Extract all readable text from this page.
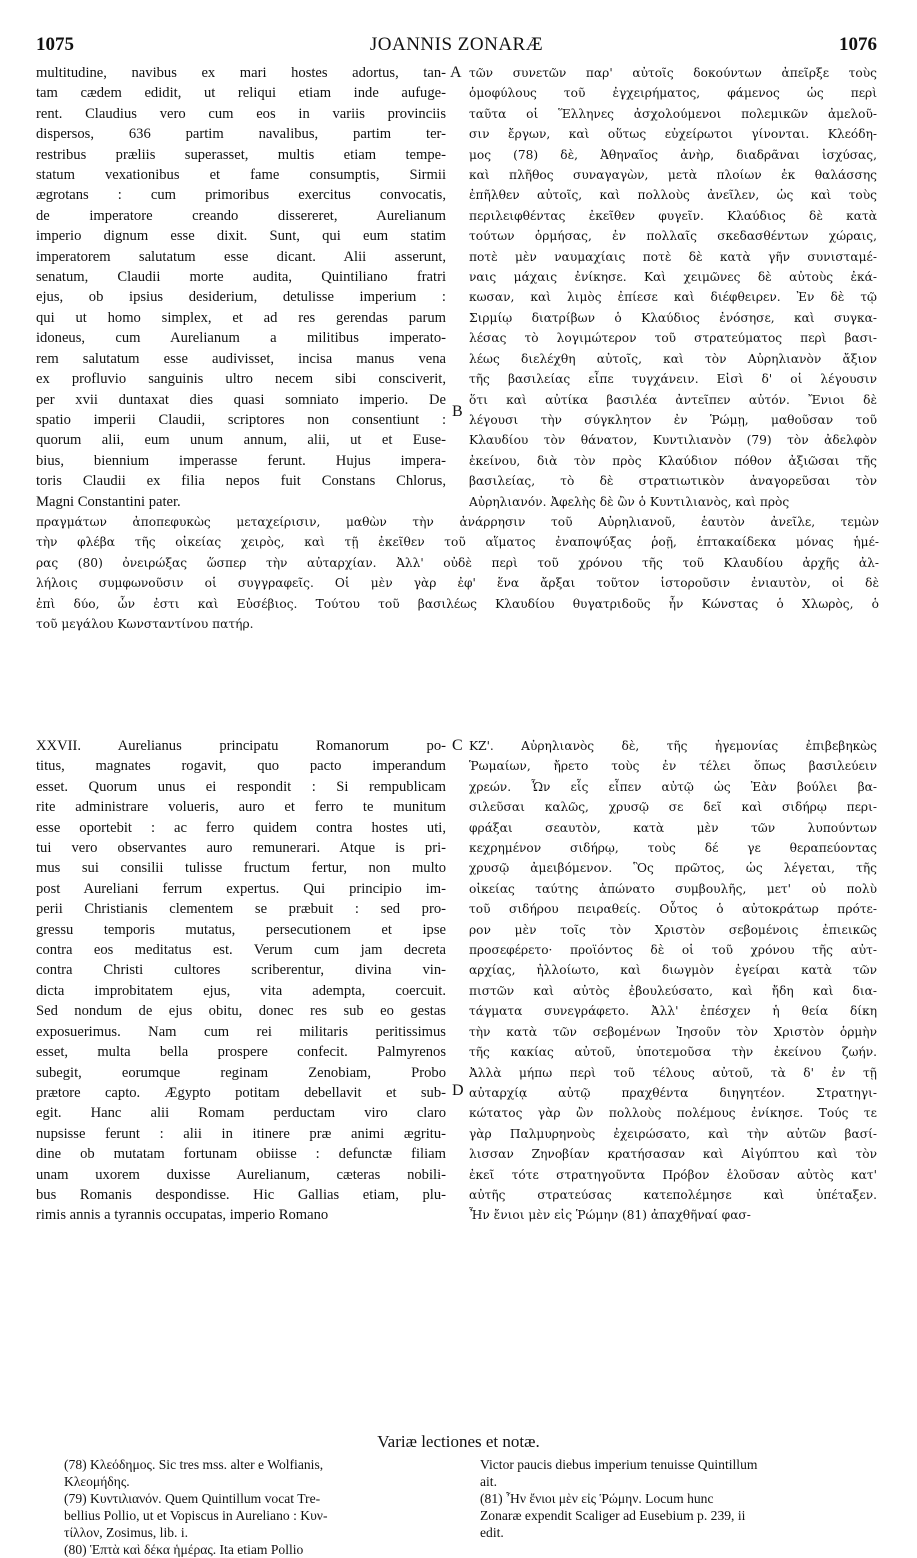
1075	JOANNIS ZONARÆ	1076
multitudine, navibus ex mari hostes adortus, tan-
tam cædem edidit, ut reliqui etiam inde aufuge-
rent. Claudius vero cum eos in variis provinciis
dispersos, 636 partim navalibus, partim ter-
restribus præliis superasset, multis etiam tempe-
statum vexationibus et fame consumptis, Sirmii
ægrotans : cum primoribus exercitus convocatis,
de imperatore creando dissereret, Aurelianum
imperio dignum esse dixit. Sunt, qui eum statim
imperatorem salutatum esse dicant. Alii asserunt,
senatum, Claudii morte audita, Quintiliano fratri
ejus, ob ipsius desiderium, detulisse imperium :
qui ut homo simplex, et ad res gerendas parum
idoneus, cum Aurelianum a militibus imperato-
rem salutatum esse audivisset, incisa manus vena
ex profluvio sanguinis ultro necem sibi consciverit,
per xvii duntaxat dies quasi somniato imperio. De
spatio imperii Claudii, scriptores non consentiunt :
quorum alii, eum unum annum, alii, ut et Euse-
bius, biennium imperasse ferunt. Hujus impera-
toris Claudii ex filia nepos fuit Constans Chlorus,
Magni Constantini pater.
τῶν συνετῶν παρ' αὐτοῖς δοκούντων ἀπεῖρξε τοὺς
ὁμοφύλους τοῦ ἐγχειρήματος, φάμενος ὡς περὶ
ταῦτα οἱ Ἕλληνες ἀσχολούμενοι πολεμικῶν ἀμελοῦ-
σιν ἔργων, καὶ οὕτως εὐχείρωτοι γίνονται. Κλεόδη-
μος (78) δὲ, Ἀθηναῖος ἀνὴρ, διαδρᾶναι ἰσχύσας,
καὶ πλῆθος συναγαγὼν, μετὰ πλοίων ἐκ θαλάσσης
ἐπῆλθεν αὐτοῖς, καὶ πολλοὺς ἀνεῖλεν, ὡς καὶ τοὺς
περιλειφθέντας ἐκεῖθεν φυγεῖν. Κλαύδιος δὲ κατὰ
τούτων ὁρμήσας, ἐν πολλαῖς σκεδασθέντων χώραις,
ποτὲ μὲν ναυμαχίαις ποτὲ δὲ κατὰ γῆν συνισταμέ-
ναις μάχαις ἐνίκησε. Καὶ χειμῶνες δὲ αὐτοὺς ἐκά-
κωσαν, καὶ λιμὸς ἐπίεσε καὶ διέφθειρεν. Ἐν δὲ τῷ
Σιρμίῳ διατρίβων ὁ Κλαύδιος ἐνόσησε, καὶ συγκα-
λέσας τὸ λογιμώτερον τοῦ στρατεύματος περὶ βασι-
λέως διελέχθη αὐτοῖς, καὶ τὸν Αὐρηλιανὸν ἄξιον
τῆς βασιλείας εἶπε τυγχάνειν. Εἰσὶ δ' οἱ λέγουσιν
ὅτι καὶ αὐτίκα βασιλέα ἀντεῖπεν αὐτόν. Ἔνιοι δὲ
λέγουσι τὴν σύγκλητον ἐν Ῥώμῃ, μαθοῦσαν τοῦ
Κλαυδίου τὸν θάνατον, Κυντιλιανὸν (79) τὸν ἀδελφὸν
ἐκείνου, διὰ τὸν πρὸς Κλαύδιον πόθον ἀξιῶσαι τῆς
βασιλείας, τὸ δὲ στρατιωτικὸν ἀναγορεῦσαι τὸν
Αὐρηλιανόν. Ἀφελὴς δὲ ὢν ὁ Κυντιλιανὸς, καὶ πρὸς
A
B
πραγμάτων ἀποπεφυκὼς μεταχείρισιν, μαθὼν τὴν ἀνάρρησιν τοῦ Αὐρηλιανοῦ, ἑαυτὸν ἀνεῖλε, τεμὼν
τὴν φλέβα τῆς οἰκείας χειρὸς, καὶ τῇ ἐκεῖθεν τοῦ αἵματος ἐναποψύξας ῥοῇ, ἑπτακαίδεκα μόνας ἡμέ-
ρας (80) ὀνειρώξας ὥσπερ τὴν αὐταρχίαν. Ἀλλ' οὐδὲ περὶ τοῦ χρόνου τῆς τοῦ Κλαυδίου ἀρχῆς ἀλ-
λήλοις συμφωνοῦσιν οἱ συγγραφεῖς. Οἱ μὲν γὰρ ἐφ' ἕνα ἄρξαι τοῦτον ἱστοροῦσιν ἐνιαυτὸν, οἱ δὲ
ἐπὶ δύο, ὧν ἐστι καὶ Εὐσέβιος. Τούτου τοῦ βασιλέως Κλαυδίου θυγατριδοῦς ἦν Κώνστας ὁ Χλωρὸς, ὁ
τοῦ μεγάλου Κωνσταντίνου πατήρ.
XXVII. Aurelianus principatu Romanorum po-
titus, magnates rogavit, quo pacto imperandum
esset. Quorum unus ei respondit : Si rempublicam
rite administrare volueris, auro et ferro te munitum
esse oportebit : ac ferro quidem contra hostes uti,
tui vero observantes auro remunerari. Atque is pri-
mus sui consilii tulisse fructum fertur, non multo
post Aureliani ferrum expertus. Qui principio im-
perii Christianis clementem se præbuit : sed pro-
gressu temporis mutatus, persecutionem et ipse
contra eos meditatus est. Verum cum jam decreta
contra Christi cultores scriberentur, divina vin-
dicta improbitatem ejus, vita adempta, coercuit.
Sed nondum de ejus obitu, donec res sub eo gestas
exposuerimus. Nam cum rei militaris peritissimus
esset, multa bella prospere confecit. Palmyrenos
subegit, eorumque reginam Zenobiam, Probo
prætore capto. Ægypto potitam debellavit et sub-
egit. Hanc alii Romam perductam viro claro
nupsisse ferunt : alii in itinere præ animi ægritu-
dine ob mutatam fortunam obiisse : defunctæ filiam
unam uxorem duxisse Aurelianum, cæteras nobili-
bus Romanis despondisse. Hic Gallias etiam, plu-
rimis annis a tyrannis occupatas, imperio Romano
ΚΖ'. Αὐρηλιανὸς δὲ, τῆς ἡγεμονίας ἐπιβεβηκὼς
Ῥωμαίων, ἤρετο τοὺς ἐν τέλει ὅπως βασιλεύειν
χρεών. Ὧν εἷς εἶπεν αὐτῷ ὡς Ἐὰν βούλει βα-
σιλεῦσαι καλῶς, χρυσῷ σε δεῖ καὶ σιδήρῳ περι-
φράξαι σεαυτὸν, κατὰ μὲν τῶν λυπούντων
κεχρημένον σιδήρῳ, τοὺς δέ γε θεραπεύοντας
χρυσῷ ἀμειβόμενον. Ὃς πρῶτος, ὡς λέγεται, τῆς
οἰκείας ταύτης ἀπώνατο συμβουλῆς, μετ' οὐ πολὺ
τοῦ σιδήρου πειραθείς. Οὗτος ὁ αὐτοκράτωρ πρότε-
ρον μὲν τοῖς τὸν Χριστὸν σεβομένοις ἐπιεικῶς
προσεφέρετο· προϊόντος δὲ οἱ τοῦ χρόνου τῆς αὐτ-
αρχίας, ἠλλοίωτο, καὶ διωγμὸν ἐγείραι κατὰ τῶν
πιστῶν καὶ αὐτὸς ἐβουλεύσατο, καὶ ἤδη καὶ δια-
τάγματα συνεγράφετο. Ἀλλ' ἐπέσχεν ἡ θεία δίκη
τὴν κατὰ τῶν σεβομένων Ἰησοῦν τὸν Χριστὸν ὁρμὴν
τῆς κακίας αὐτοῦ, ὑποτεμοῦσα τὴν ἐκείνου ζωήν.
Ἀλλὰ μήπω περὶ τοῦ τέλους αὐτοῦ, τὰ δ' ἐν τῇ
αὐταρχίᾳ αὐτῷ πραχθέντα διηγητέον. Στρατηγι-
κώτατος γὰρ ὢν πολλοὺς πολέμους ἐνίκησε. Τούς τε
γὰρ Παλμυρηνοὺς ἐχειρώσατο, καὶ τὴν αὐτῶν βασί-
λισσαν Ζηνοβίαν κρατήσασαν καὶ Αἰγύπτου καὶ τὸν
ἐκεῖ τότε στρατηγοῦντα Πρόβον ἑλοῦσαν αὐτὸς κατ'
αὐτῆς στρατεύσας κατεπολέμησε καὶ ὑπέταξεν.
Ἦν ἔνιοι μὲν εἰς Ῥώμην (81) ἀπαχθῆναί φασ-
C
D
Variæ lectiones et notæ.
(78) Κλεόδημος. Sic tres mss. alter e Wolfianis,
Κλεομήδης.
(79) Κυντιλιανόν. Quem Quintillum vocat Tre-
bellius Pollio, ut et Vopiscus in Aureliano : Κυν-
τίλλον, Zosimus, lib. i.
(80) Ἑπτὰ καὶ δέκα ἡμέρας. Ita etiam Pollio
Victor paucis diebus imperium tenuisse Quintillum
ait.
(81) Ἦν ἔνιοι μὲν εἰς Ῥώμην. Locum hunc
Zonaræ expendit Scaliger ad Eusebium p. 239, ii
edit.
